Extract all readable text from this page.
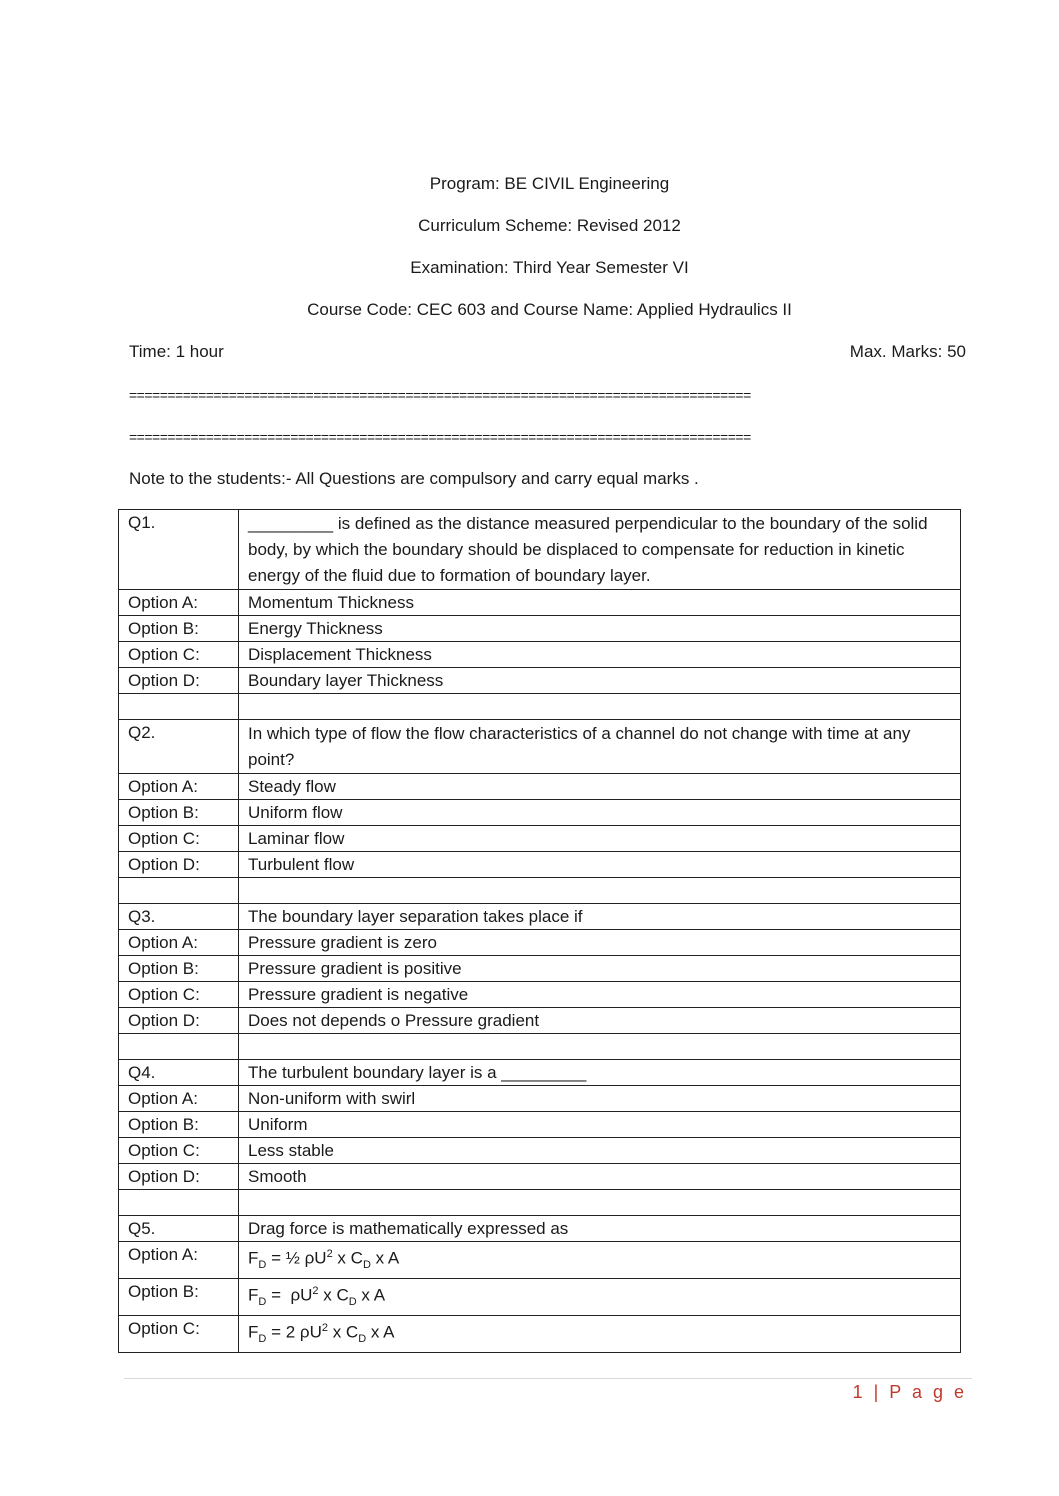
Program: BE CIVIL Engineering
Curriculum Scheme: Revised 2012
Examination: Third Year Semester VI
Course Code: CEC 603 and Course Name: Applied Hydraulics II
Time: 1 hour	Max. Marks: 50
=================================================================================
=================================================================================
Note to the students:- All Questions are compulsory and carry equal marks .
Q1.	_________ is defined as the distance measured perpendicular to the boundary of the solid body, by which the boundary should be displaced to compensate for reduction in kinetic energy of the fluid due to formation of boundary layer.
Option A:	Momentum Thickness
Option B:	Energy Thickness
Option C:	Displacement Thickness
Option D:	Boundary layer Thickness

Q2.	In which type of flow the flow characteristics of a channel do not change with time at any point?
Option A:	Steady flow
Option B:	Uniform flow
Option C:	Laminar flow
Option D:	Turbulent flow

Q3.	The boundary layer separation takes place if
Option A:	Pressure gradient is zero
Option B:	Pressure gradient is positive
Option C:	Pressure gradient is negative
Option D:	Does not depends o Pressure gradient

Q4.	The turbulent boundary layer is a _________
Option A:	Non-uniform with swirl
Option B:	Uniform
Option C:	Less stable
Option D:	Smooth

Q5.	Drag force is mathematically expressed as
Option A:	$F_D$ = ½ $\rho U^2$ x $C_D$ x A
Option B:	$F_D = \rho U^2$ x $C_D$ x A
Option C:	$F_D = 2$ $\rho U^2$ x $C_D$ x A
1 | P a g e
